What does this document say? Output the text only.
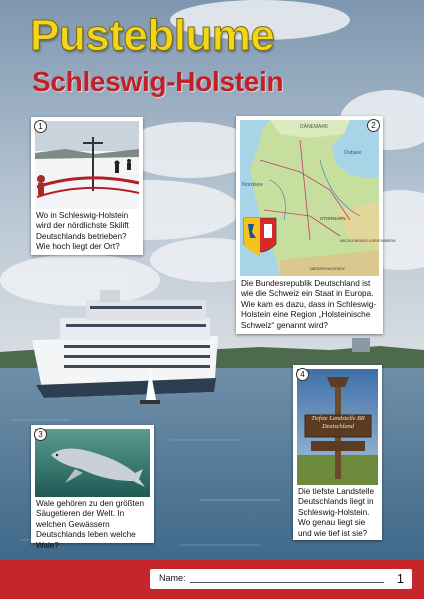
Pusteblume
Schleswig-Holstein
1
Wo in Schleswig-Holstein wird der nördlichste Skilift Deutschlands betrieben? Wie hoch liegt der Ort?
DÄNEMARK
Ostsee
Nordsee
STORMARN
MECKLENBURG-VORPOMMERN
NIEDERSACHSEN
2
Die Bundesrepublik Deutschland ist wie die Schweiz ein Staat in Europa. Wie kam es dazu, dass in Schleswig-Holstein eine Region „Holsteinische Schweiz“ genannt wird?
3
Wale gehören zu den größten Säugetieren der Welt. In welchen Gewässern Deutschlands leben welche Wale?
Tiefste Landstelle BR Deutschland
4
Die tiefste Landstelle Deutschlands liegt in Schleswig-Holstein. Wo genau liegt sie und wie tief ist sie?
Name:	1
